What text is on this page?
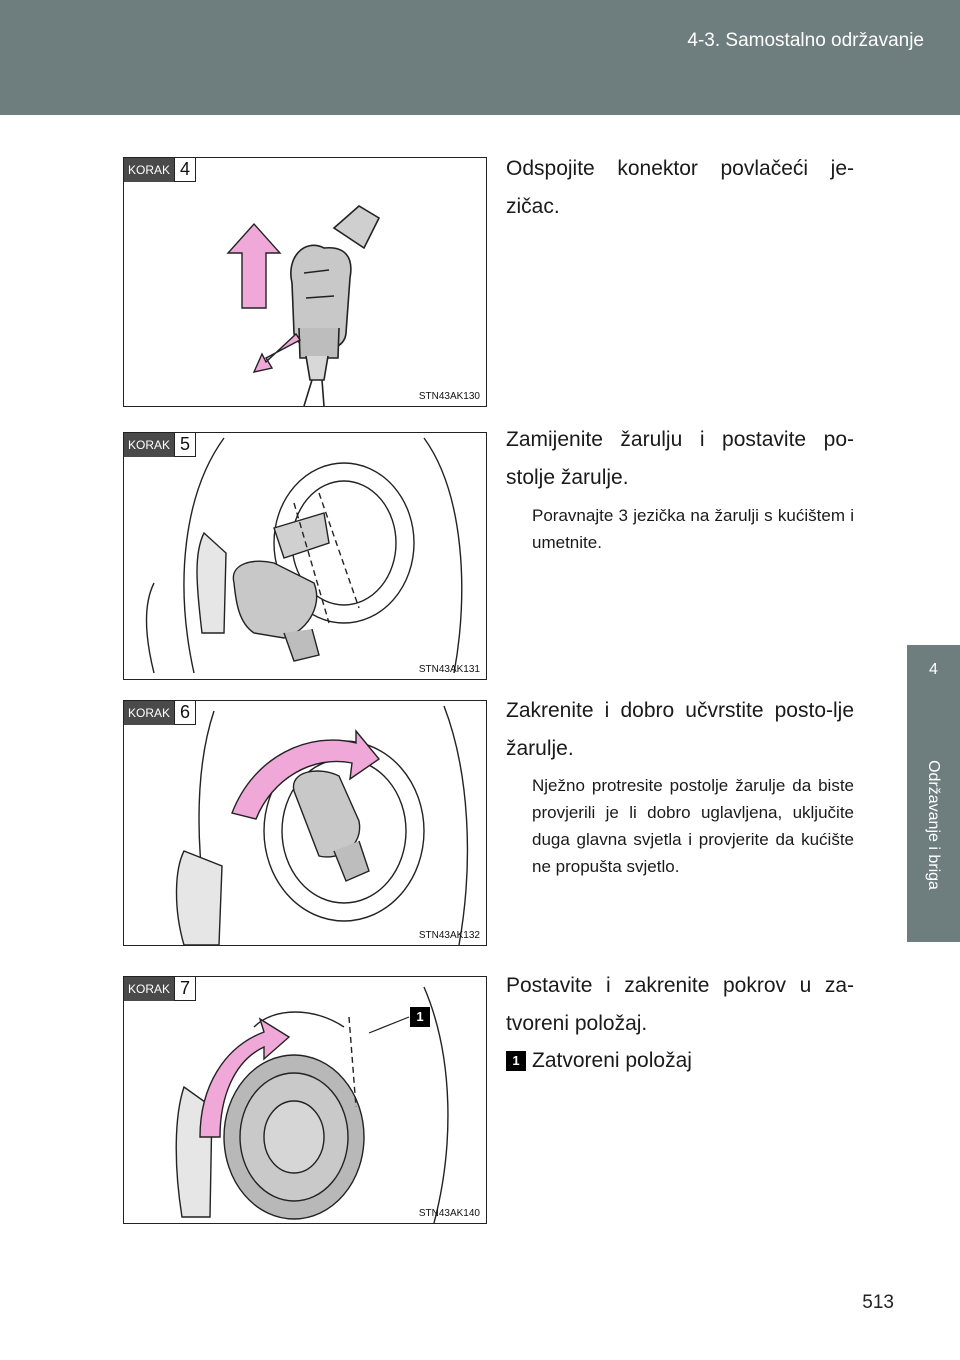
4-3. Samostalno održavanje
4
Održavanje i briga
KORAK 4
STN43AK130
Odspojite konektor povlačeći je-zičac.
KORAK 5
STN43AK131
Zamijenite žarulju i postavite po-stolje žarulje.
Poravnajte 3 jezička na žarulji s kućištem i umetnite.
KORAK 6
STN43AK132
Zakrenite i dobro učvrstite posto-lje žarulje.
Nježno protresite postolje žarulje da biste provjerili je li dobro uglavljena, uključite duga glavna svjetla i provjerite da kućište ne propušta svjetlo.
1
KORAK 7
STN43AK140
Postavite i zakrenite pokrov u za-tvoreni položaj.
1 Zatvoreni položaj
513
